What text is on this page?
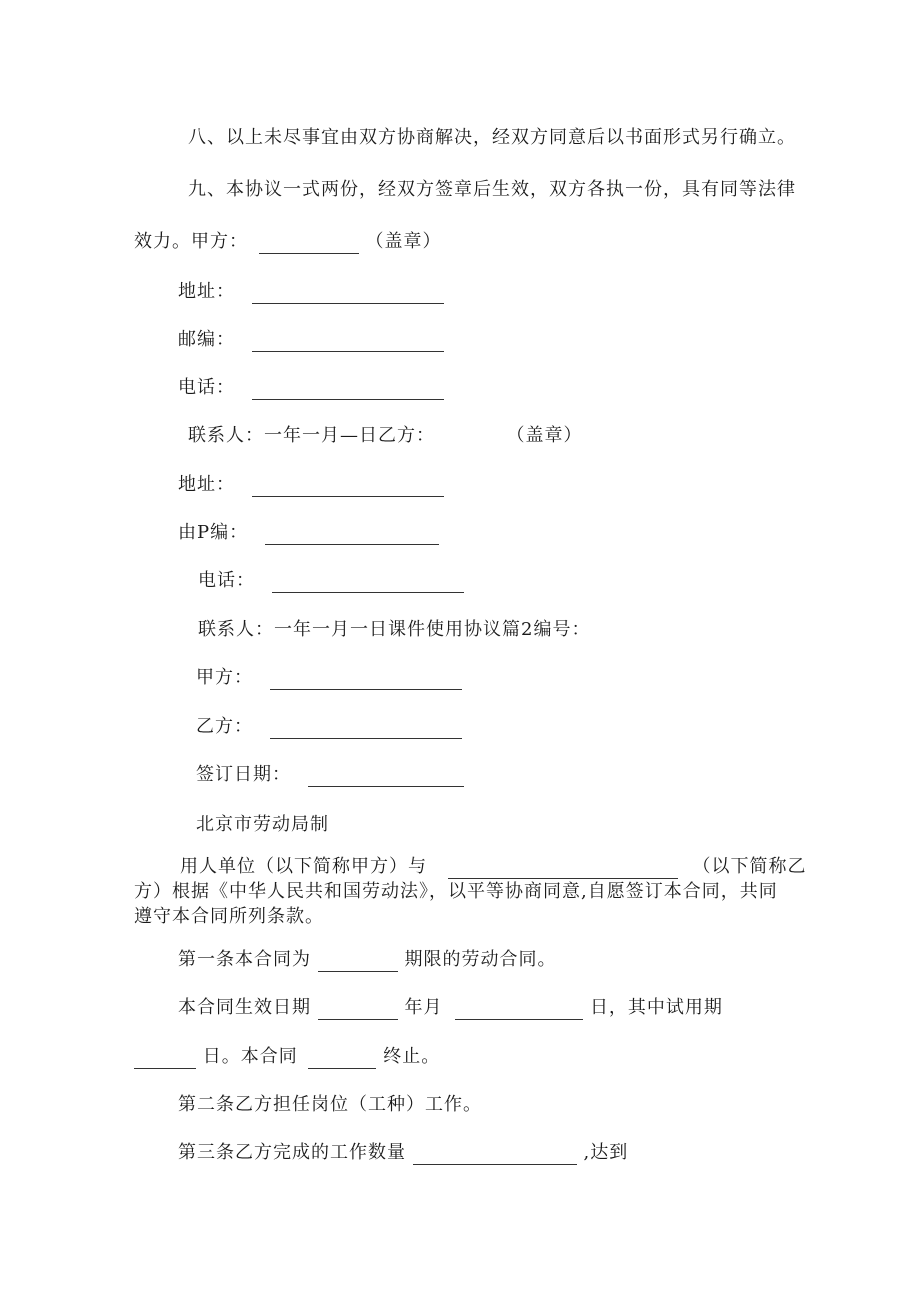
八、以上未尽事宜由双方协商解决，经双方同意后以书面形式另行确立。
九、本协议一式两份，经双方签章后生效，双方各执一份，具有同等法律
效力。甲方：	（盖章）
地址：
邮编：
电话：
联系人：一年一月—日乙方：	（盖章）
地址：
由P编：
电话：
联系人：一年一月一日课件使用协议篇2编号：
甲方：
乙方：
签订日期：
北京市劳动局制
用人单位（以下简称甲方）与	（以下简称乙
方）根据《中华人民共和国劳动法》，以平等协商同意,自愿签订本合同，共同
遵守本合同所列条款。
第一条本合同为	期限的劳动合同。
本合同生效日期	年月	日，其中试用期
日。本合同	终止。
第二条乙方担任岗位（工种）工作。
第三条乙方完成的工作数量	,达到
